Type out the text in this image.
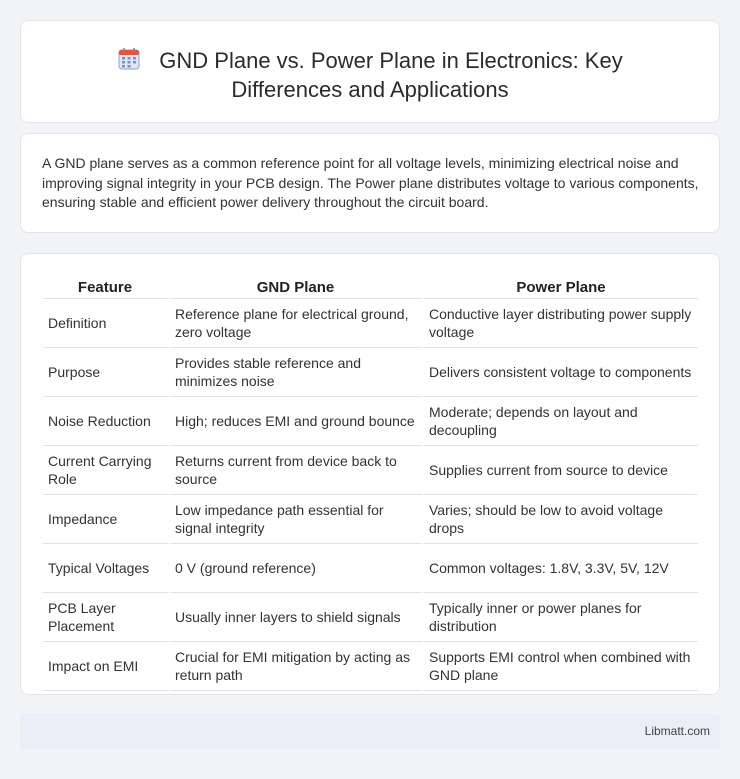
GND Plane vs. Power Plane in Electronics: Key
Differences and Applications

A GND plane serves as a common reference point for all voltage levels, minimizing electrical noise and improving signal integrity in your PCB design. The Power plane distributes voltage to various components, ensuring stable and efficient power delivery throughout the circuit board.

Feature	GND Plane	Power Plane
Definition	Reference plane for electrical ground, zero voltage	Conductive layer distributing power supply voltage
Purpose	Provides stable reference and minimizes noise	Delivers consistent voltage to components
Noise Reduction	High; reduces EMI and ground bounce	Moderate; depends on layout and decoupling
Current Carrying Role	Returns current from device back to source	Supplies current from source to device
Impedance	Low impedance path essential for signal integrity	Varies; should be low to avoid voltage drops
Typical Voltages	0 V (ground reference)	Common voltages: 1.8V, 3.3V, 5V, 12V
PCB Layer Placement	Usually inner layers to shield signals	Typically inner or power planes for distribution
Impact on EMI	Crucial for EMI mitigation by acting as return path	Supports EMI control when combined with GND plane
Libmatt.com
